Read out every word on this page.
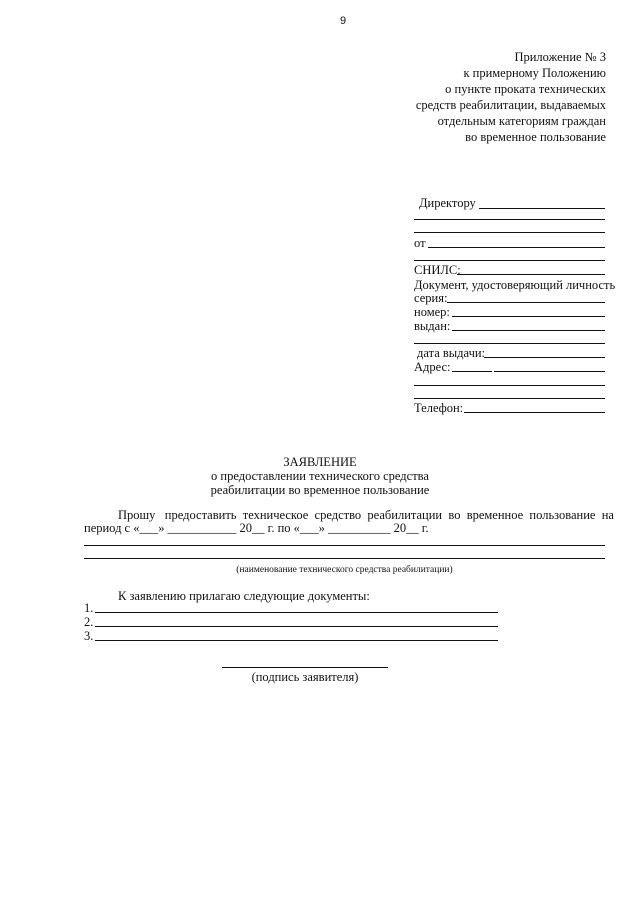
9
Приложение № 3
к примерному Положению
о пункте проката технических
средств реабилитации, выдаваемых
отдельным категориям граждан
во временное пользование
Директору
от
СНИЛС:
Документ, удостоверяющий личность
серия:
номер:
выдан:
дата выдачи:
Адрес:
Телефон:
ЗАЯВЛЕНИЕ
о предоставлении технического средства
реабилитации во временное пользование
Прошу   предоставить  техническое  средство  реабилитации  во  временное  пользование  на
период с «___» ___________ 20__ г. по «___» __________ 20__ г.
(наименование технического средства реабилитации)
К заявлению прилагаю следующие документы:
1.
2.
3.
(подпись заявителя)
